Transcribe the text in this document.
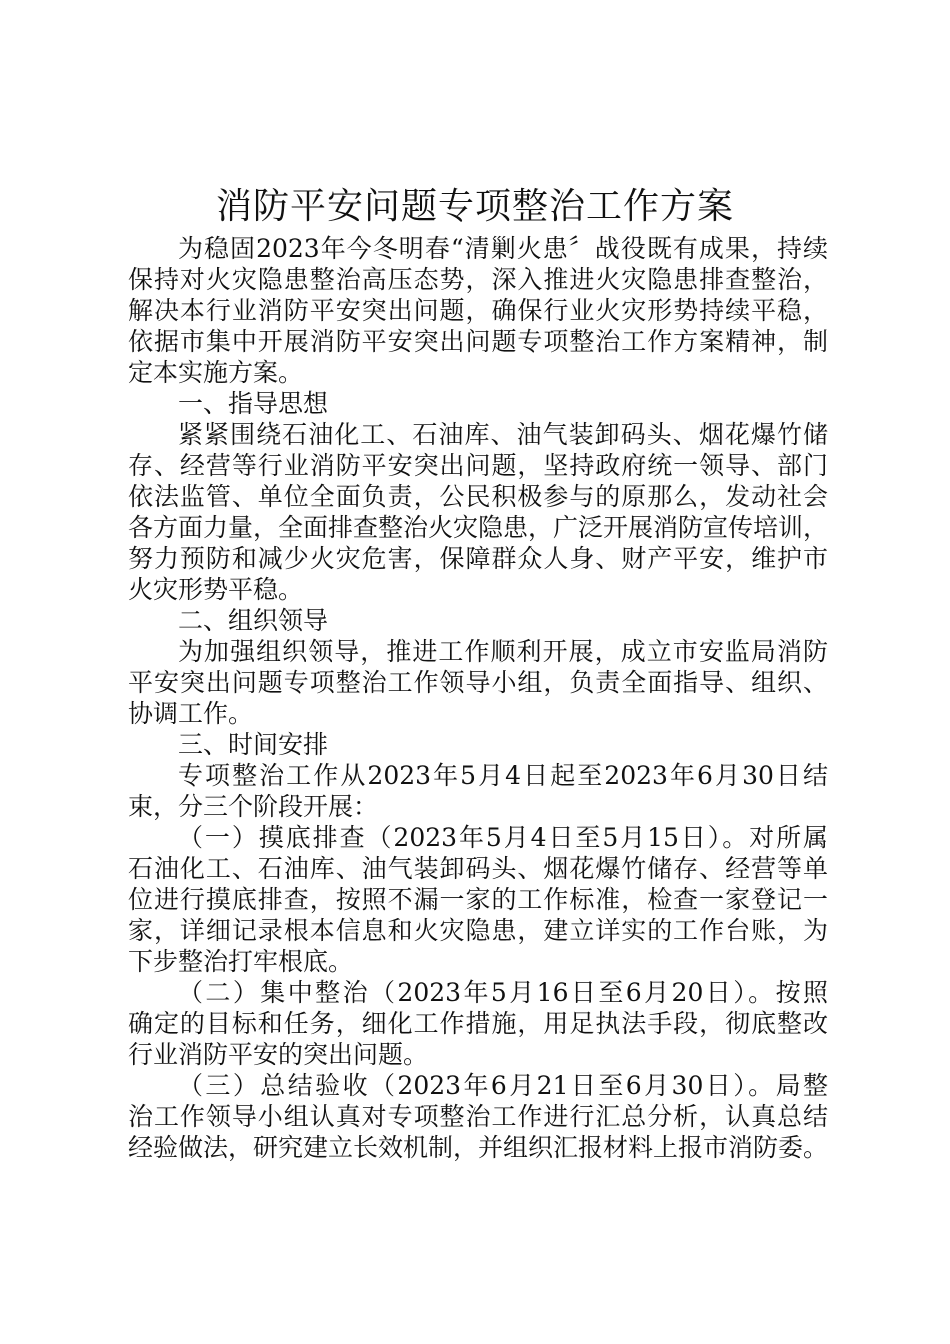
消防平安问题专项整治工作方案
为稳固2023年今冬明春“清剿火患〞战役既有成果，持续
保持对火灾隐患整治高压态势，深入推进火灾隐患排查整治，
解决本行业消防平安突出问题，确保行业火灾形势持续平稳，
依据市集中开展消防平安突出问题专项整治工作方案精神，制
定本实施方案。
一、指导思想
紧紧围绕石油化工、石油库、油气装卸码头、烟花爆竹储
存、经营等行业消防平安突出问题，坚持政府统一领导、部门
依法监管、单位全面负责，公民积极参与的原那么，发动社会
各方面力量，全面排查整治火灾隐患，广泛开展消防宣传培训，
努力预防和减少火灾危害，保障群众人身、财产平安，维护市
火灾形势平稳。
二、组织领导
为加强组织领导，推进工作顺利开展，成立市安监局消防
平安突出问题专项整治工作领导小组，负责全面指导、组织、
协调工作。
三、时间安排
专项整治工作从2023年5月4日起至2023年6月30日结
束，分三个阶段开展：
（一）摸底排查（2023年5月4日至5月15日）。对所属
石油化工、石油库、油气装卸码头、烟花爆竹储存、经营等单
位进行摸底排查，按照不漏一家的工作标准，检查一家登记一
家，详细记录根本信息和火灾隐患，建立详实的工作台账，为
下步整治打牢根底。
（二）集中整治（2023年5月16日至6月20日）。按照
确定的目标和任务，细化工作措施，用足执法手段，彻底整改
行业消防平安的突出问题。
（三）总结验收（2023年6月21日至6月30日）。局整
治工作领导小组认真对专项整治工作进行汇总分析，认真总结
经验做法，研究建立长效机制，并组织汇报材料上报市消防委。
